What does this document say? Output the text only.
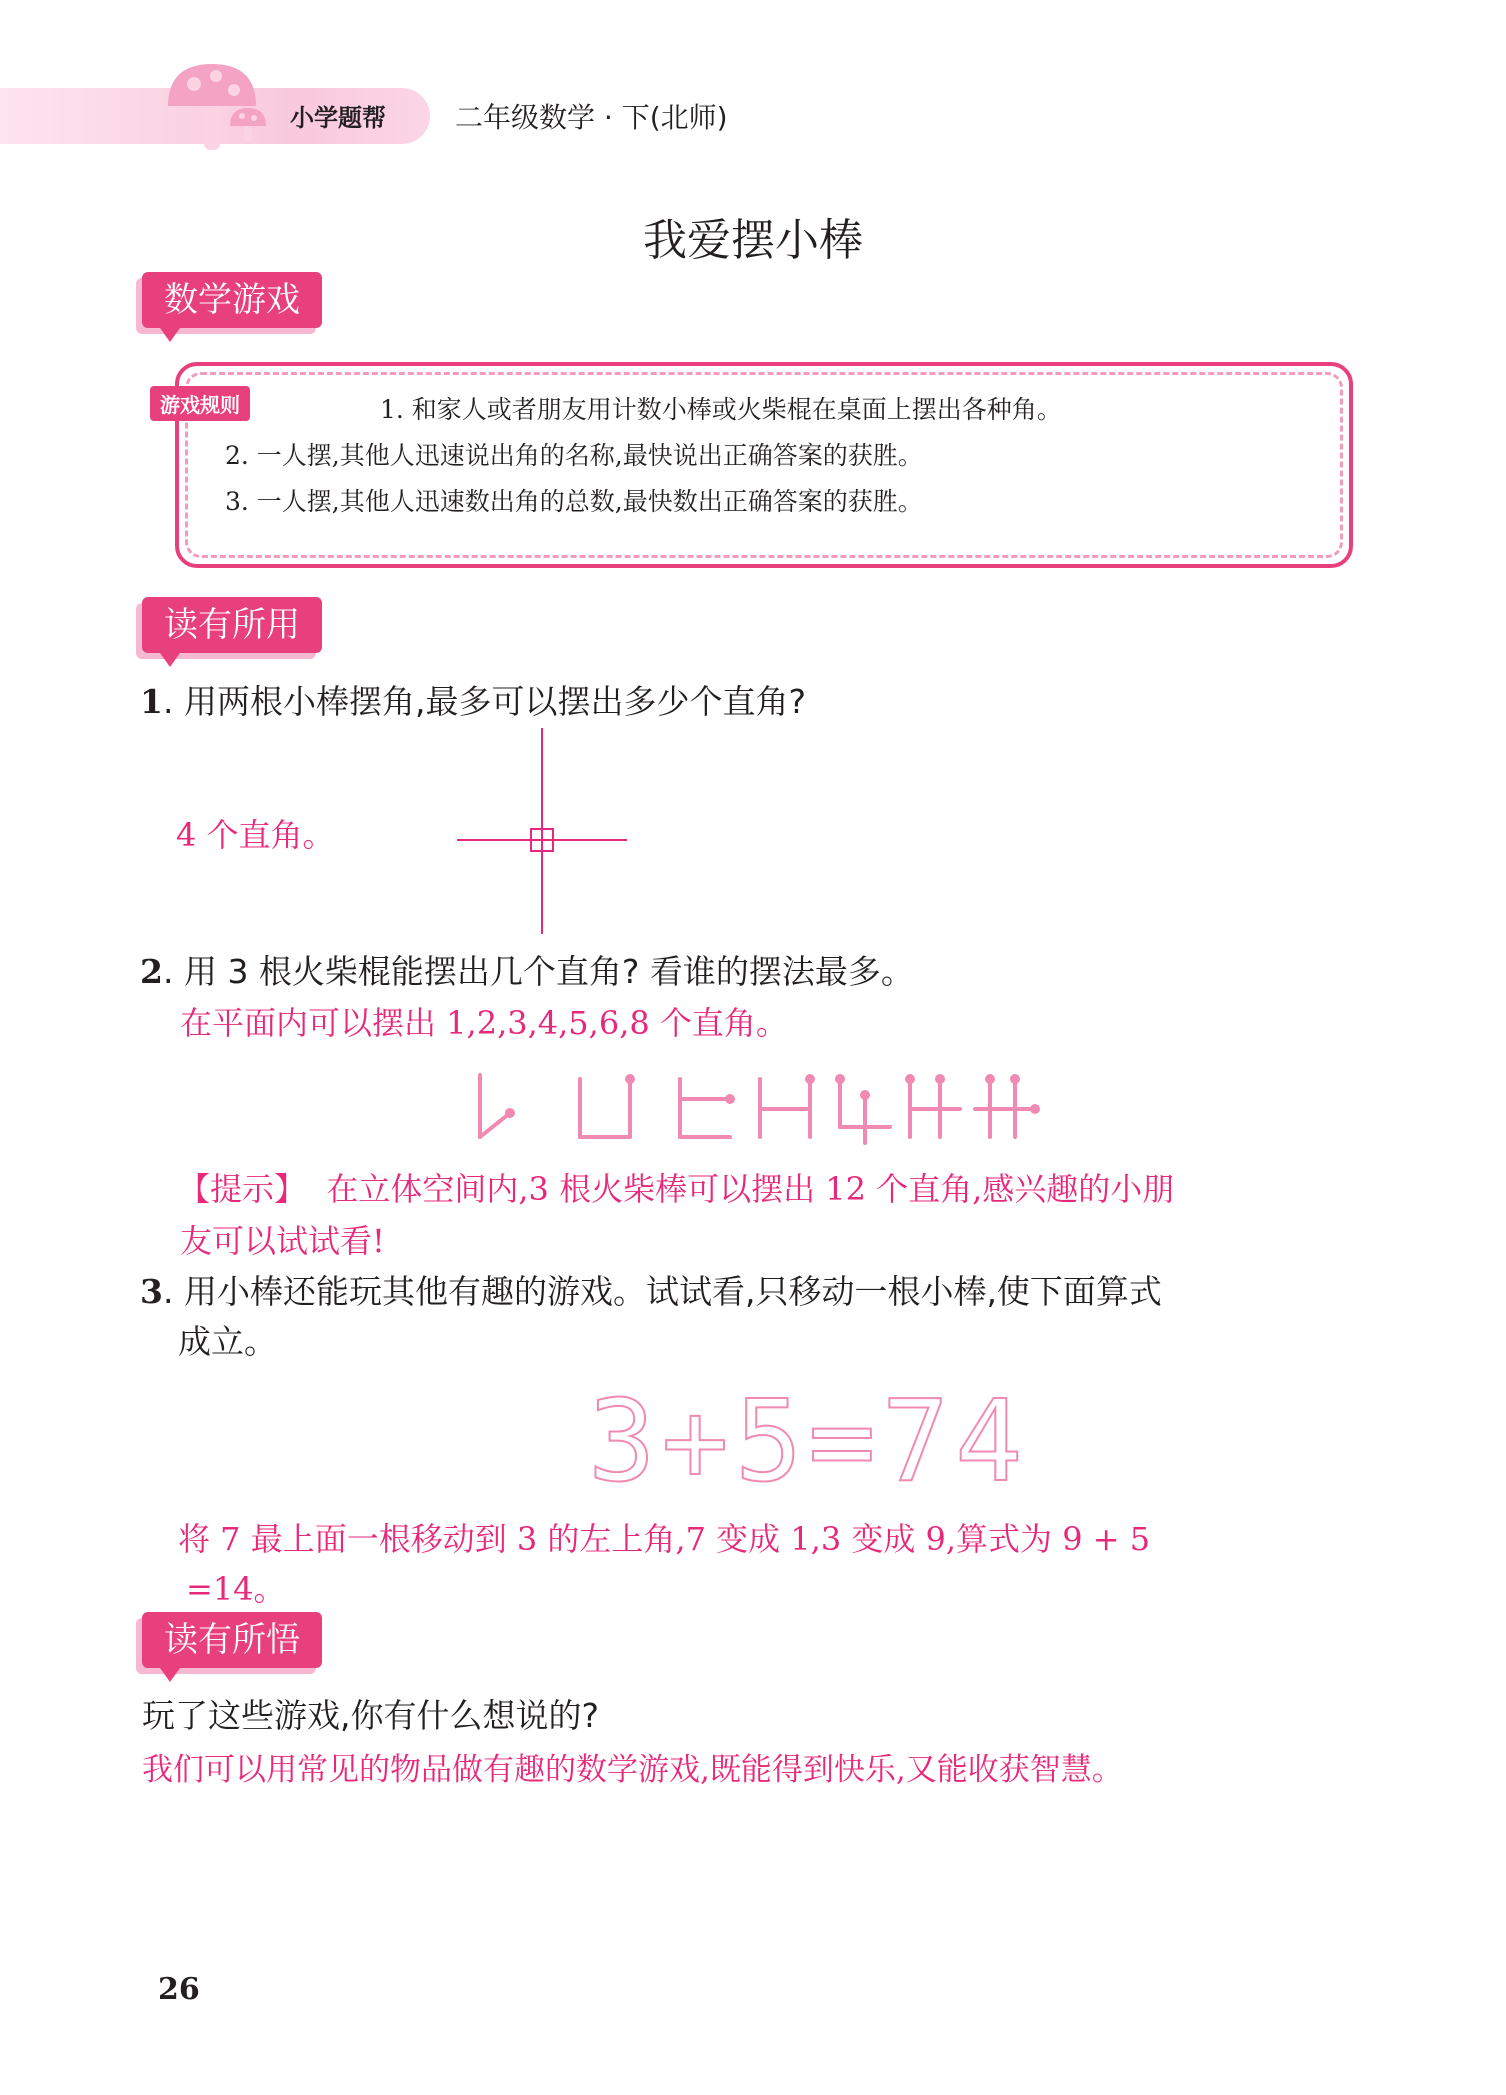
小学题帮 二年级数学 · 下(北师)
我爱摆小棒
数学游戏
游戏规则	1. 和家人或者朋友用计数小棒或火柴棍在桌面上摆出各种角。
2. 一人摆,其他人迅速说出角的名称,最快说出正确答案的获胜。
3. 一人摆,其他人迅速数出角的总数,最快数出正确答案的获胜。
读有所用
1. 用两根小棒摆角,最多可以摆出多少个直角?
4 个直角。
2. 用 3 根火柴棍能摆出几个直角? 看谁的摆法最多。
在平面内可以摆出 1,2,3,4,5,6,8 个直角。
【提示】 在立体空间内,3 根火柴棒可以摆出 12 个直角,感兴趣的小朋
友可以试试看!
3. 用小棒还能玩其他有趣的游戏。试试看,只移动一根小棒,使下面算式
成立。
3+5=74
将 7 最上面一根移动到 3 的左上角,7 变成 1,3 变成 9,算式为 9 + 5
=14。
读有所悟
玩了这些游戏,你有什么想说的?
我们可以用常见的物品做有趣的数学游戏,既能得到快乐,又能收获智慧。
26
